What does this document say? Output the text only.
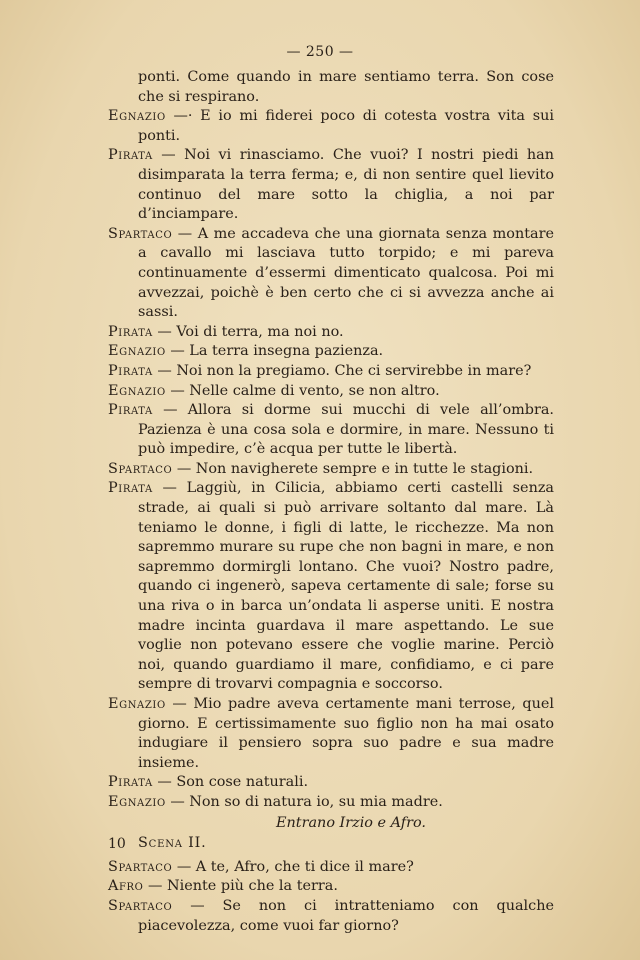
— 250 —

ponti. Come quando in mare sentiamo terra. Son cose che si respirano.

Egnazio —· E io mi fiderei poco di cotesta vostra vita sui ponti.

Pirata — Noi vi rinasciamo. Che vuoi? I nostri piedi han disimparata la terra ferma; e, di non sentire quel lievito continuo del mare sotto la chiglia, a noi par d’inciampare.

Spartaco — A me accadeva che una giornata senza montare a cavallo mi lasciava tutto torpido; e mi pareva continuamente d’essermi dimenticato qualcosa. Poi mi avvezzai, poichè è ben certo che ci si avvezza anche ai sassi.

Pirata — Voi di terra, ma noi no.

Egnazio — La terra insegna pazienza.

Pirata — Noi non la pregiamo. Che ci servirebbe in mare?

Egnazio — Nelle calme di vento, se non altro.

Pirata — Allora si dorme sui mucchi di vele all’ombra. Pazienza è una cosa sola e dormire, in mare. Nessuno ti può impedire, c’è acqua per tutte le libertà.

Spartaco — Non navigherete sempre e in tutte le stagioni.

Pirata — Laggiù, in Cilicia, abbiamo certi castelli senza strade, ai quali si può arrivare soltanto dal mare. Là teniamo le donne, i figli di latte, le ricchezze. Ma non sapremmo murare su rupe che non bagni in mare, e non sapremmo dormirgli lontano. Che vuoi? Nostro padre, quando ci ingenerò, sapeva certamente di sale; forse su una riva o in barca un’ondata li asperse uniti. E nostra madre incinta guardava il mare aspettando. Le sue voglie non potevano essere che voglie marine. Perciò noi, quando guardiamo il mare, confidiamo, e ci pare sempre di trovarvi compagnia e soccorso.

Egnazio — Mio padre aveva certamente mani terrose, quel giorno. E certissimamente suo figlio non ha mai osato indugiare il pensiero sopra suo padre e sua madre insieme.

Pirata — Son cose naturali.

Egnazio — Non so di natura io, su mia madre.

Entrano Irzio e Afro.

Scena II.

Spartaco — A te, Afro, che ti dice il mare?

Afro — Niente più che la terra.

Spartaco — Se non ci intratteniamo con qualche piacevolezza, come vuoi far giorno?

10
